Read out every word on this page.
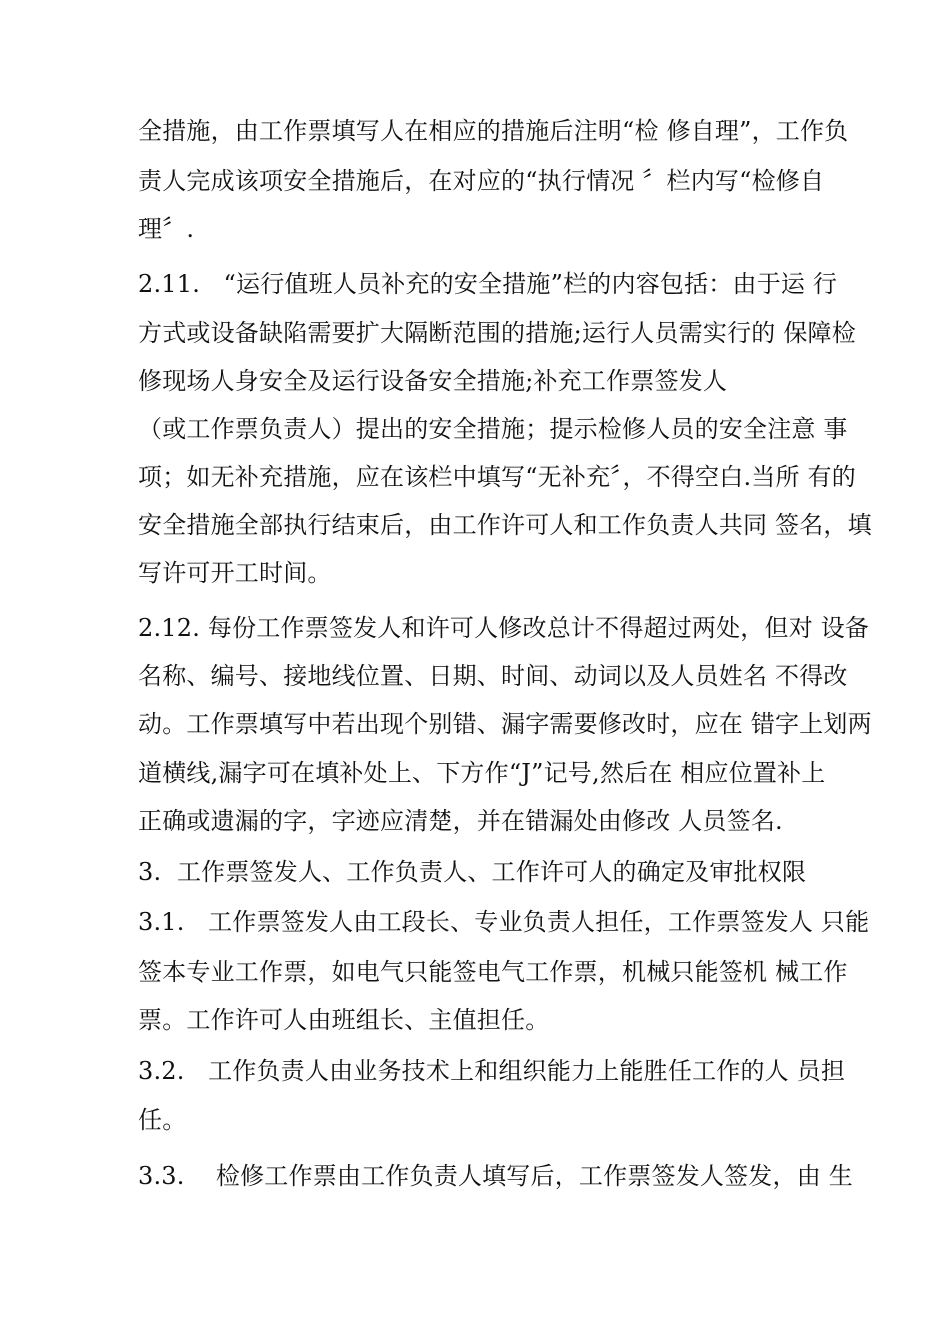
全措施，由工作票填写人在相应的措施后注明“检 修自理”，工作负
责人完成该项安全措施后，在对应的“执行情况 〞栏内写“检修自
理〞.
2.11.   “运行值班人员补充的安全措施”栏的内容包括：由于运 行
方式或设备缺陷需要扩大隔断范围的措施;运行人员需实行的 保障检
修现场人身安全及运行设备安全措施;补充工作票签发人
（或工作票负责人）提出的安全措施；提示检修人员的安全注意 事
项；如无补充措施，应在该栏中填写“无补充〞，不得空白.当所 有的
安全措施全部执行结束后，由工作许可人和工作负责人共同 签名，填
写许可开工时间。
2.12. 每份工作票签发人和许可人修改总计不得超过两处，但对 设备
名称、编号、接地线位置、日期、时间、动词以及人员姓名 不得改
动。工作票填写中若出现个别错、漏字需要修改时，应在 错字上划两
道横线,漏字可在填补处上、下方作“J”记号,然后在 相应位置补上
正确或遗漏的字，字迹应清楚，并在错漏处由修改 人员签名.
3.  工作票签发人、工作负责人、工作许可人的确定及审批权限
3.1.   工作票签发人由工段长、专业负责人担任，工作票签发人 只能
签本专业工作票，如电气只能签电气工作票，机械只能签机 械工作
票。工作许可人由班组长、主值担任。
3.2.   工作负责人由业务技术上和组织能力上能胜任工作的人 员担
任。
3.3.    检修工作票由工作负责人填写后，工作票签发人签发，由 生
